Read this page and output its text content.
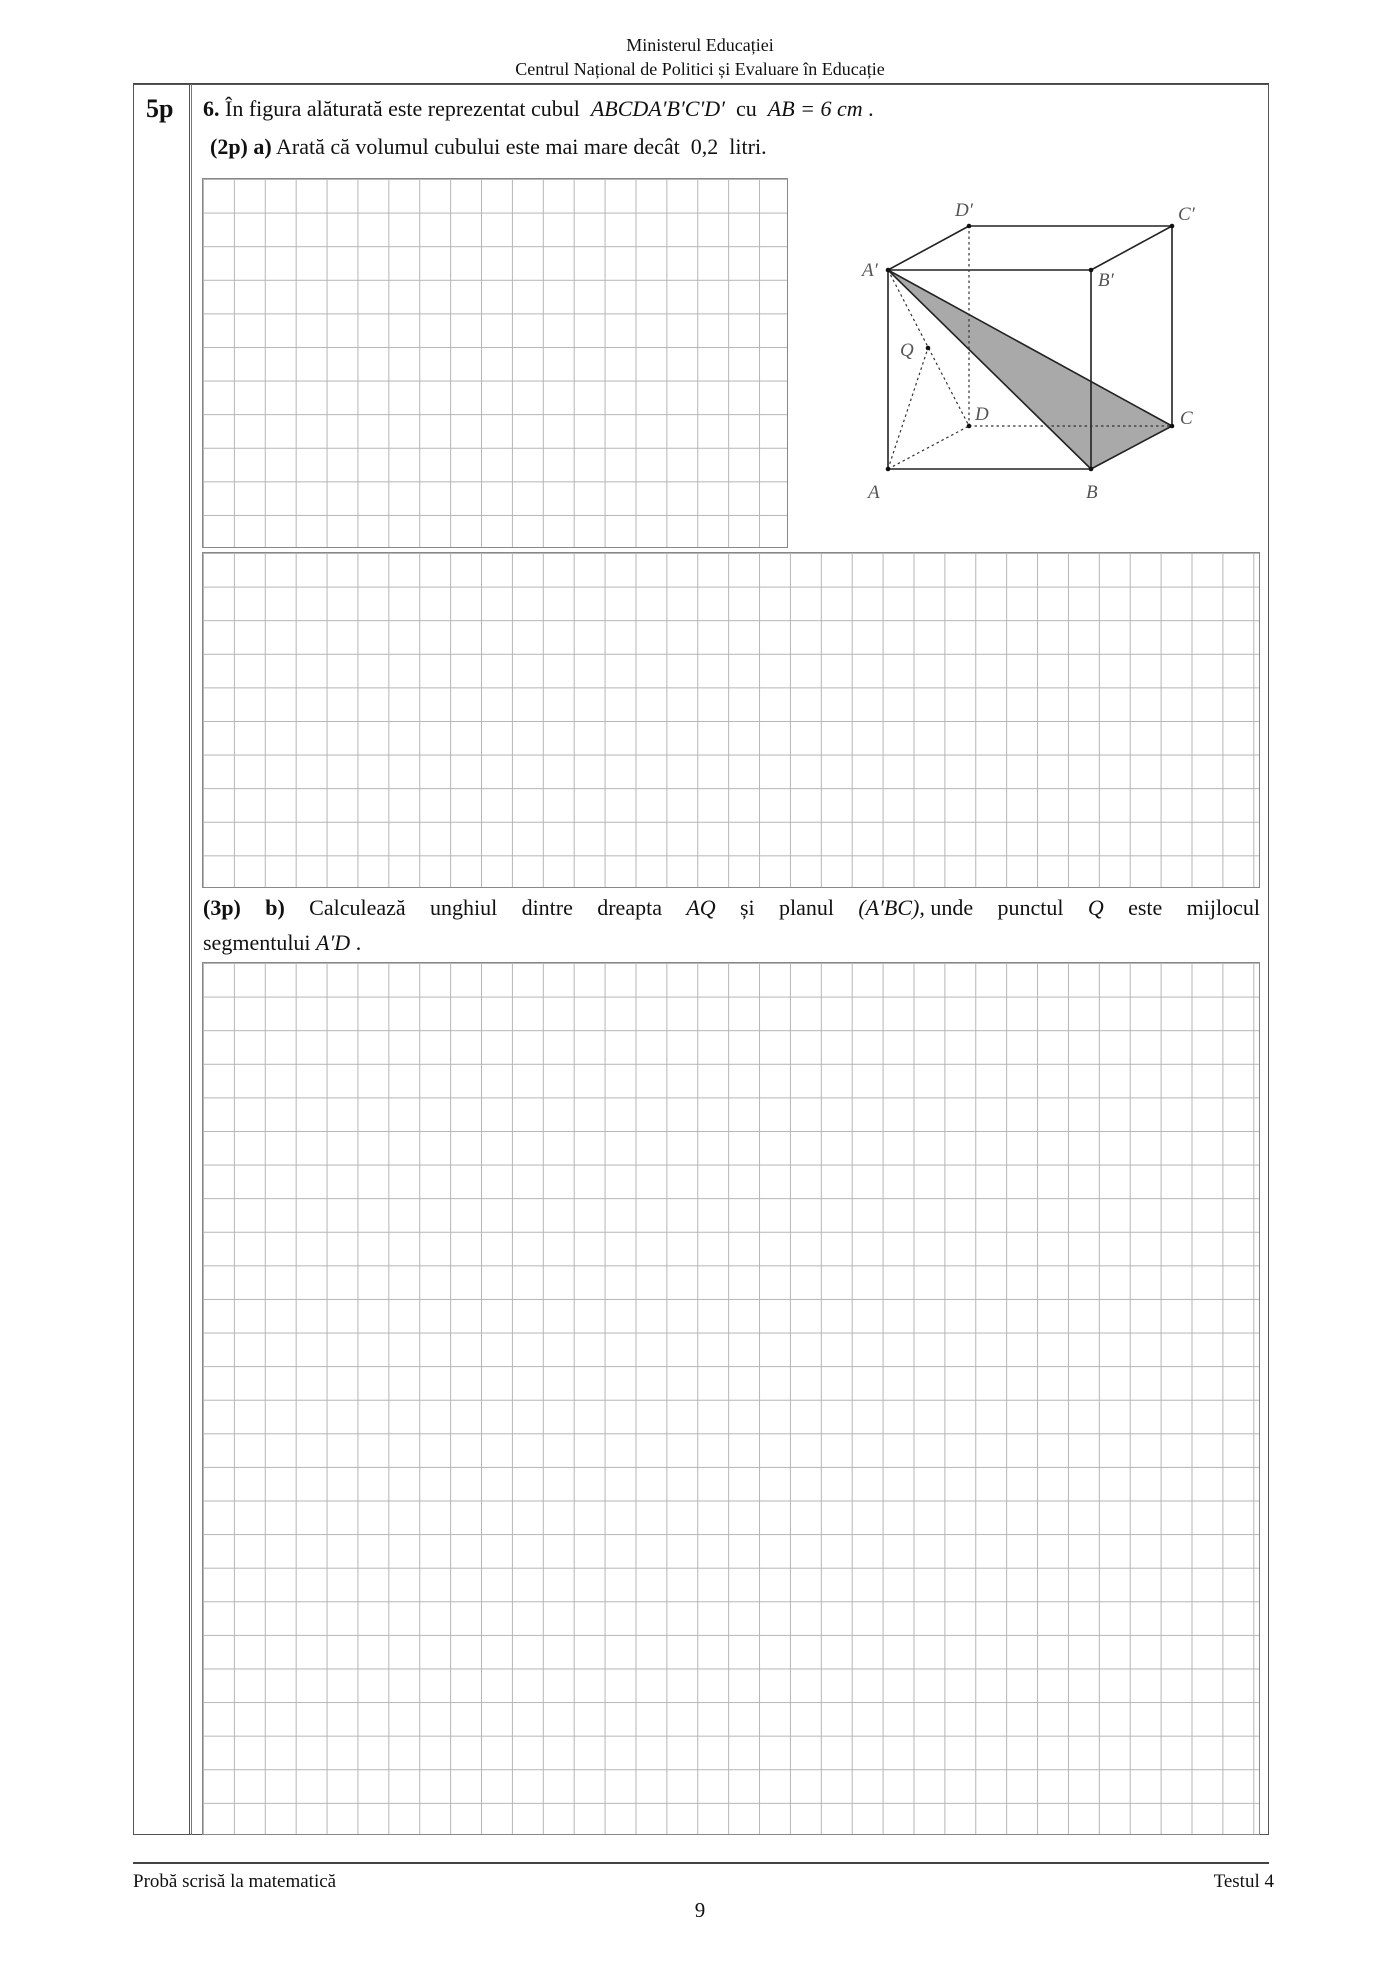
Ministerul Educației
Centrul Național de Politici și Evaluare în Educație
5p 6. În figura alăturată este reprezentat cubul ABCDA′B′C′D′ cu AB = 6 cm .
(2p) a) Arată că volumul cubului este mai mare decât 0,2 litri.
A	B
C
D
A′	B′
C′
D′
Q
(3p) b) Calculează unghiul dintre dreapta AQ și planul (A′BC), unde punctul Q este mijlocul
segmentului A′D .
Probă scrisă la matematică	Testul 4
9
